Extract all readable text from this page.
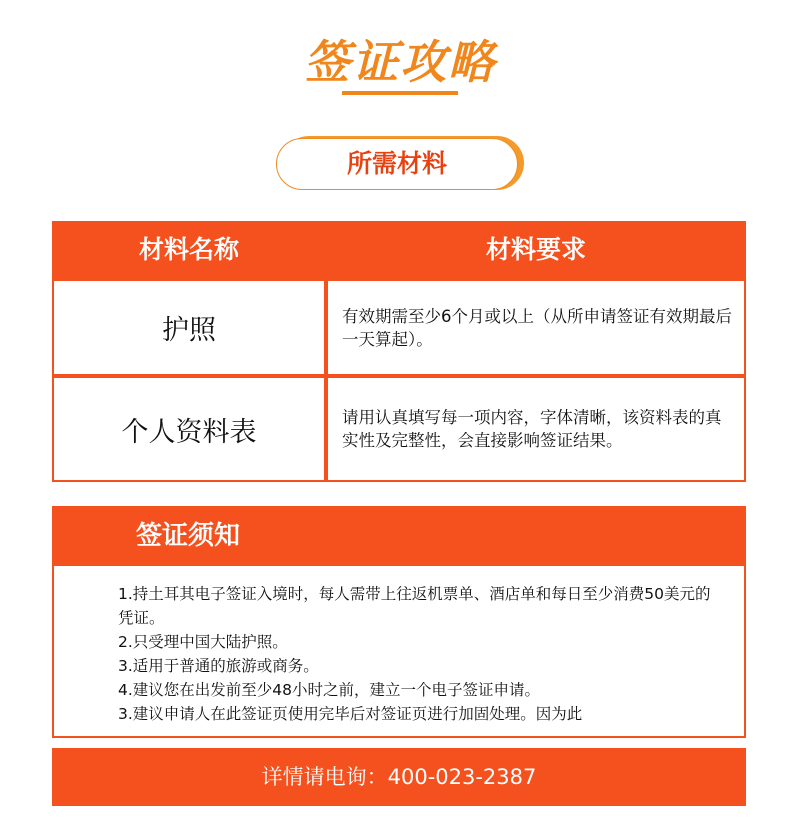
签证攻略
所需材料
材料名称	材料要求
护照	有效期需至少6个月或以上（从所申请签证有效期最后一天算起）。
个人资料表	请用认真填写每一项内容，字体清晰，该资料表的真实性及完整性，会直接影响签证结果。
签证须知
1.持土耳其电子签证入境时，每人需带上往返机票单、酒店单和每日至少消费50美元的凭证。
2.只受理中国大陆护照。
3.适用于普通的旅游或商务。
4.建议您在出发前至少48小时之前，建立一个电子签证申请。
3.建议申请人在此签证页使用完毕后对签证页进行加固处理。因为此
详情请电询：400-023-2387
